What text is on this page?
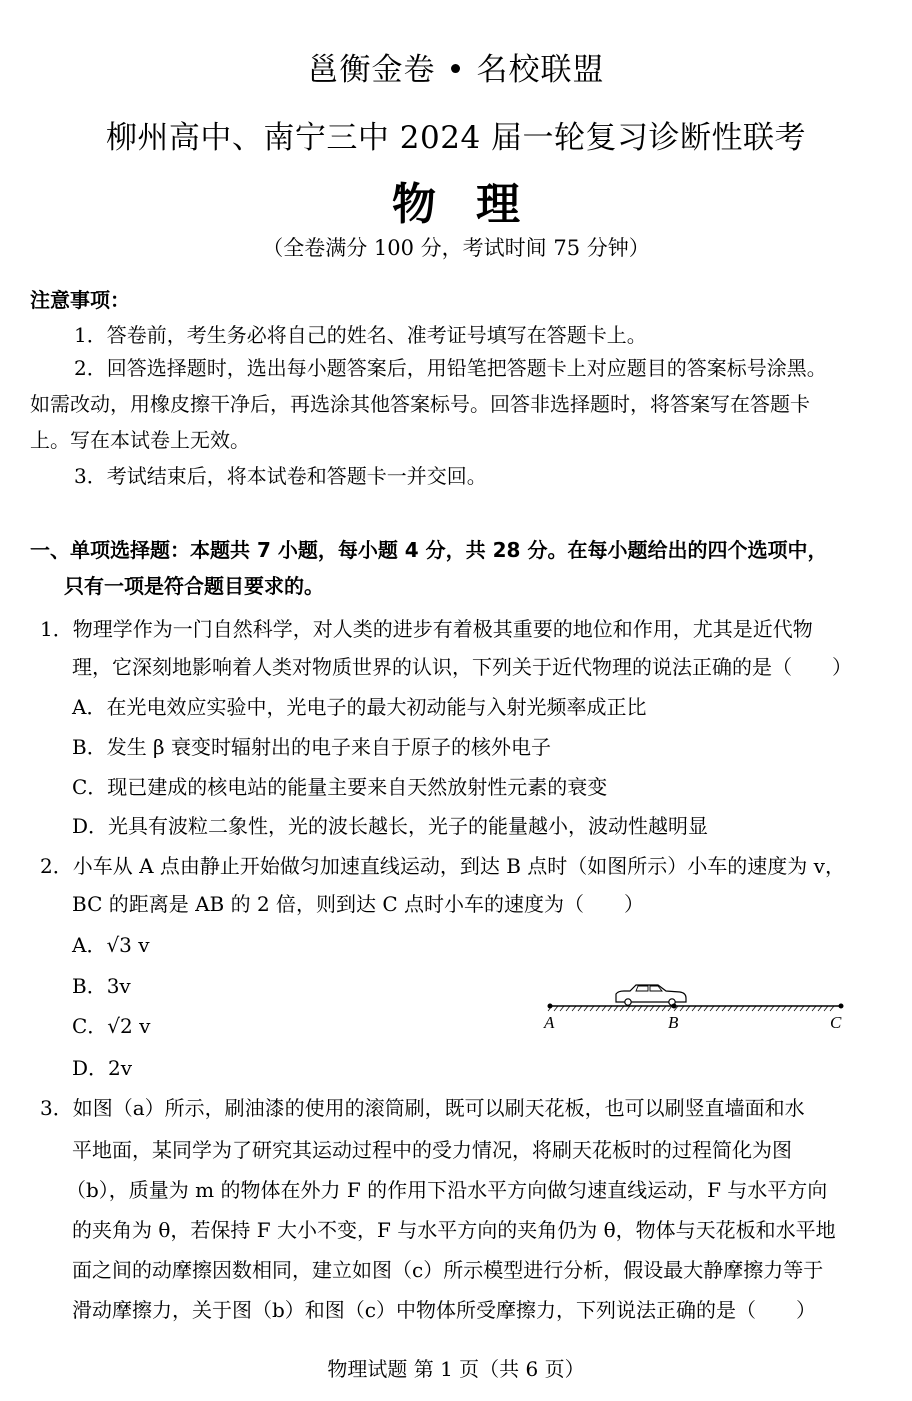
邕衡金卷 • 名校联盟
柳州高中、南宁三中 2024 届一轮复习诊断性联考
物理
（全卷满分 100 分，考试时间 75 分钟）
注意事项：
1．答卷前，考生务必将自己的姓名、准考证号填写在答题卡上。
2．回答选择题时，选出每小题答案后，用铅笔把答题卡上对应题目的答案标号涂黑。
如需改动，用橡皮擦干净后，再选涂其他答案标号。回答非选择题时，将答案写在答题卡
上。写在本试卷上无效。
3．考试结束后，将本试卷和答题卡一并交回。
一、单项选择题：本题共 7 小题，每小题 4 分，共 28 分。在每小题给出的四个选项中，
只有一项是符合题目要求的。
1．物理学作为一门自然科学，对人类的进步有着极其重要的地位和作用，尤其是近代物
理，它深刻地影响着人类对物质世界的认识，下列关于近代物理的说法正确的是（　　）
A．在光电效应实验中，光电子的最大初动能与入射光频率成正比
B．发生 β 衰变时辐射出的电子来自于原子的核外电子
C．现已建成的核电站的能量主要来自天然放射性元素的衰变
D．光具有波粒二象性，光的波长越长，光子的能量越小，波动性越明显
2．小车从 A 点由静止开始做匀加速直线运动，到达 B 点时（如图所示）小车的速度为 v，
BC 的距离是 AB 的 2 倍，则到达 C 点时小车的速度为（　　）
A．√3 v
B．3v
C．√2 v
D．2v
A	B	C
3．如图（a）所示，刷油漆的使用的滚筒刷，既可以刷天花板，也可以刷竖直墙面和水
平地面，某同学为了研究其运动过程中的受力情况，将刷天花板时的过程简化为图
（b），质量为 m 的物体在外力 F 的作用下沿水平方向做匀速直线运动，F 与水平方向
的夹角为 θ，若保持 F 大小不变，F 与水平方向的夹角仍为 θ，物体与天花板和水平地
面之间的动摩擦因数相同，建立如图（c）所示模型进行分析，假设最大静摩擦力等于
滑动摩擦力，关于图（b）和图（c）中物体所受摩擦力，下列说法正确的是（　　）
物理试题 第 1 页（共 6 页）
